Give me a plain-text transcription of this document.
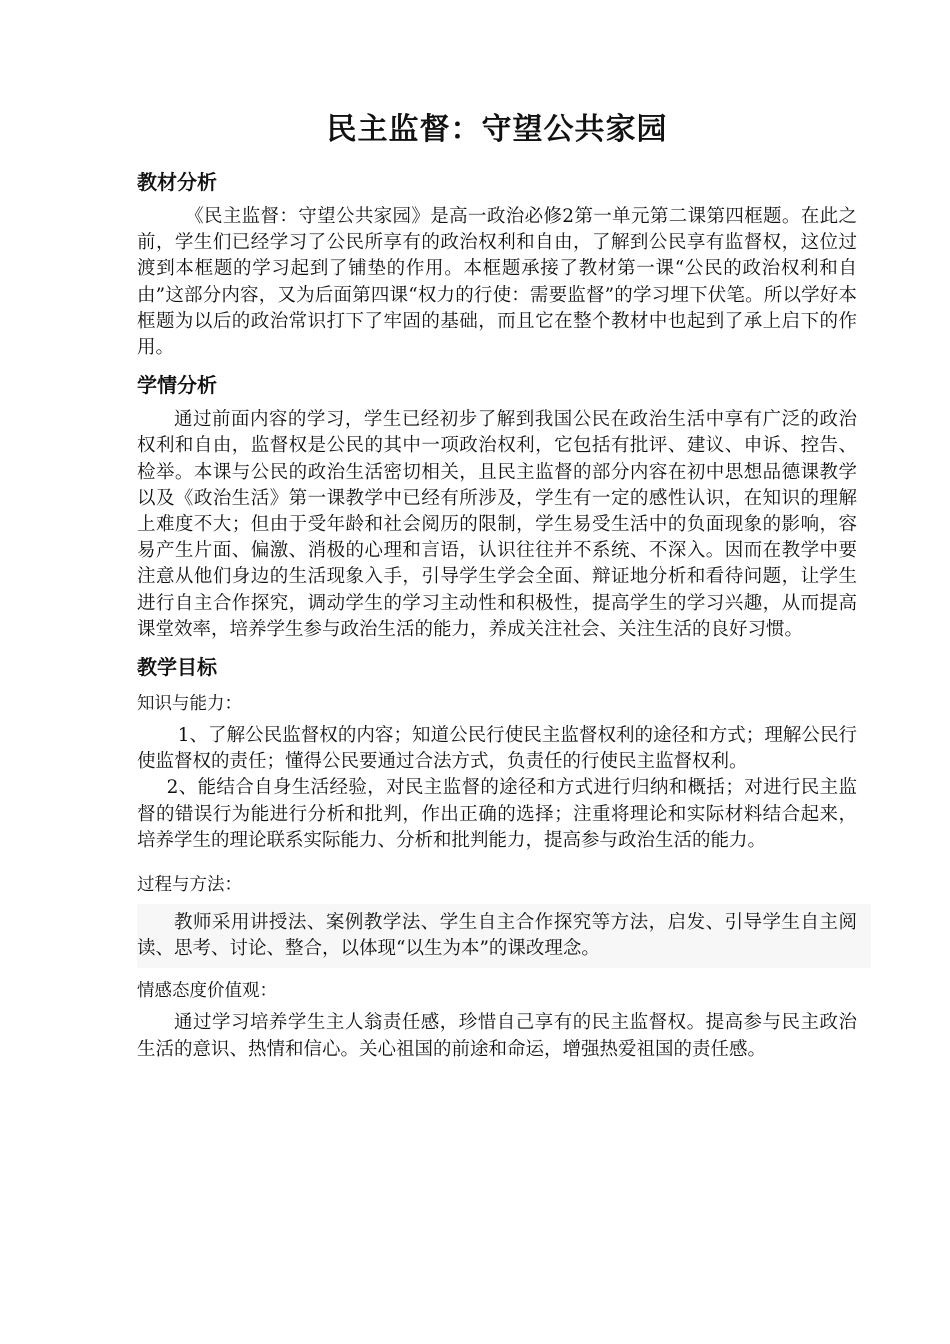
民主监督：守望公共家园
教材分析

《民主监督：守望公共家园》是高一政治必修2第一单元第二课第四框题。在此之前，学生们已经学习了公民所享有的政治权利和自由，了解到公民享有监督权，这位过渡到本框题的学习起到了铺垫的作用。本框题承接了教材第一课“公民的政治权利和自由”这部分内容，又为后面第四课“权力的行使：需要监督”的学习埋下伏笔。所以学好本框题为以后的政治常识打下了牢固的基础，而且它在整个教材中也起到了承上启下的作用。

学情分析

通过前面内容的学习，学生已经初步了解到我国公民在政治生活中享有广泛的政治权利和自由，监督权是公民的其中一项政治权利，它包括有批评、建议、申诉、控告、检举。本课与公民的政治生活密切相关，且民主监督的部分内容在初中思想品德课教学以及《政治生活》第一课教学中已经有所涉及，学生有一定的感性认识，在知识的理解上难度不大；但由于受年龄和社会阅历的限制，学生易受生活中的负面现象的影响，容易产生片面、偏激、消极的心理和言语，认识往往并不系统、不深入。因而在教学中要注意从他们身边的生活现象入手，引导学生学会全面、辩证地分析和看待问题，让学生进行自主合作探究，调动学生的学习主动性和积极性，提高学生的学习兴趣，从而提高课堂效率，培养学生参与政治生活的能力，养成关注社会、关注生活的良好习惯。

教学目标
知识与能力：

1、了解公民监督权的内容；知道公民行使民主监督权利的途径和方式；理解公民行使监督权的责任；懂得公民要通过合法方式，负责任的行使民主监督权利。

2、能结合自身生活经验，对民主监督的途径和方式进行归纳和概括；对进行民主监督的错误行为能进行分析和批判，作出正确的选择；注重将理论和实际材料结合起来，培养学生的理论联系实际能力、分析和批判能力，提高参与政治生活的能力。

过程与方法：

教师采用讲授法、案例教学法、学生自主合作探究等方法，启发、引导学生自主阅读、思考、讨论、整合，以体现“以生为本”的课改理念。

情感态度价值观：

通过学习培养学生主人翁责任感，珍惜自己享有的民主监督权。提高参与民主政治生活的意识、热情和信心。关心祖国的前途和命运，增强热爱祖国的责任感。
